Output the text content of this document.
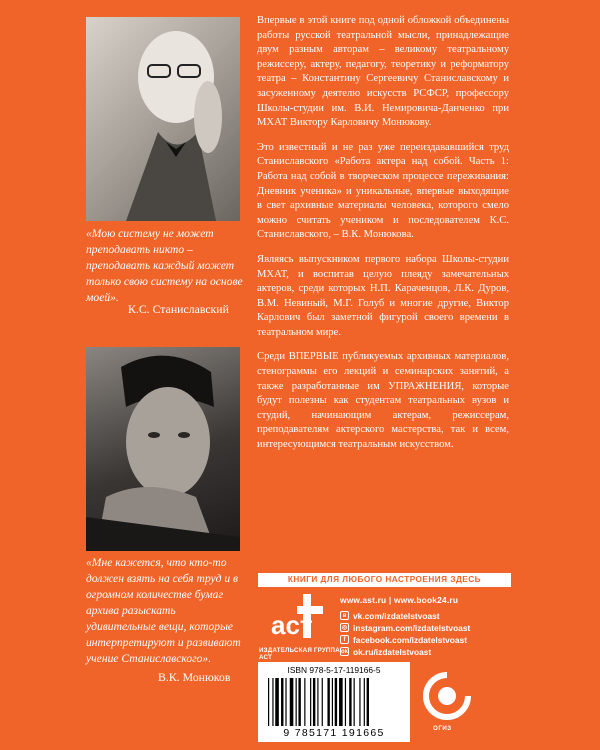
«Мою систему не может преподавать никто – преподавать каждый может только свою систему на основе моей».
К.С. Станиславский
«Мне кажется, что кто-то должен взять на себя труд и в огромном количестве бумаг архива разыскать удивительные вещи, которые интерпретируют и развивают учение Станиславского».
В.К. Монюков

Впервые в этой книге под одной обложкой объединены работы русской театральной мысли, принадлежащие двум разным авторам – великому театральному режиссеру, актеру, педагогу, теоретику и реформатору театра – Константину Сергеевичу Станиславскому и засуженному деятелю искусств РСФСР, профессору Школы-студии им. В.И. Немировича-Данченко при МХАТ Виктору Карловичу Монюкову.

Это известный и не раз уже переиздававшийся труд Станиславского «Работа актера над собой. Часть 1: Работа над собой в творческом процессе переживания: Дневник ученика» и уникальные, впервые выходящие в свет архивные материалы человека, которого смело можно считать учеником и последователем К.С. Станиславского, – В.К. Монюкова.

Являясь выпускником первого набора Школы-студии МХАТ, и воспитав целую плеяду замечательных актеров, среди которых Н.П. Караченцов, Л.К. Дуров, В.М. Невиный, М.Г. Голуб и многие другие, Виктор Карлович был заметной фигурой своего времени в театральном мире.

Среди ВПЕРВЫЕ публикуемых архивных материалов, стенограммы его лекций и семинарских занятий, а также разработанные им УПРАЖНЕНИЯ, которые будут полезны как студентам театральных вузов и студий, начинающим актерам, режиссерам, преподавателям актерского мастерства, так и всем, интересующимся театральным искусством.

КНИГИ ДЛЯ ЛЮБОГО НАСТРОЕНИЯ ЗДЕСЬ
аст
ИЗДАТЕЛЬСКАЯ ГРУППА АСТ
www.ast.ru | www.book24.ru
в vk.com/izdatelstvoast
◎ instagram.com/izdatelstvoast
f facebook.com/izdatelstvoast
ok ok.ru/izdatelstvoast
ISBN 978-5-17-119166-5
9 785171 191665	ОГИЗ
